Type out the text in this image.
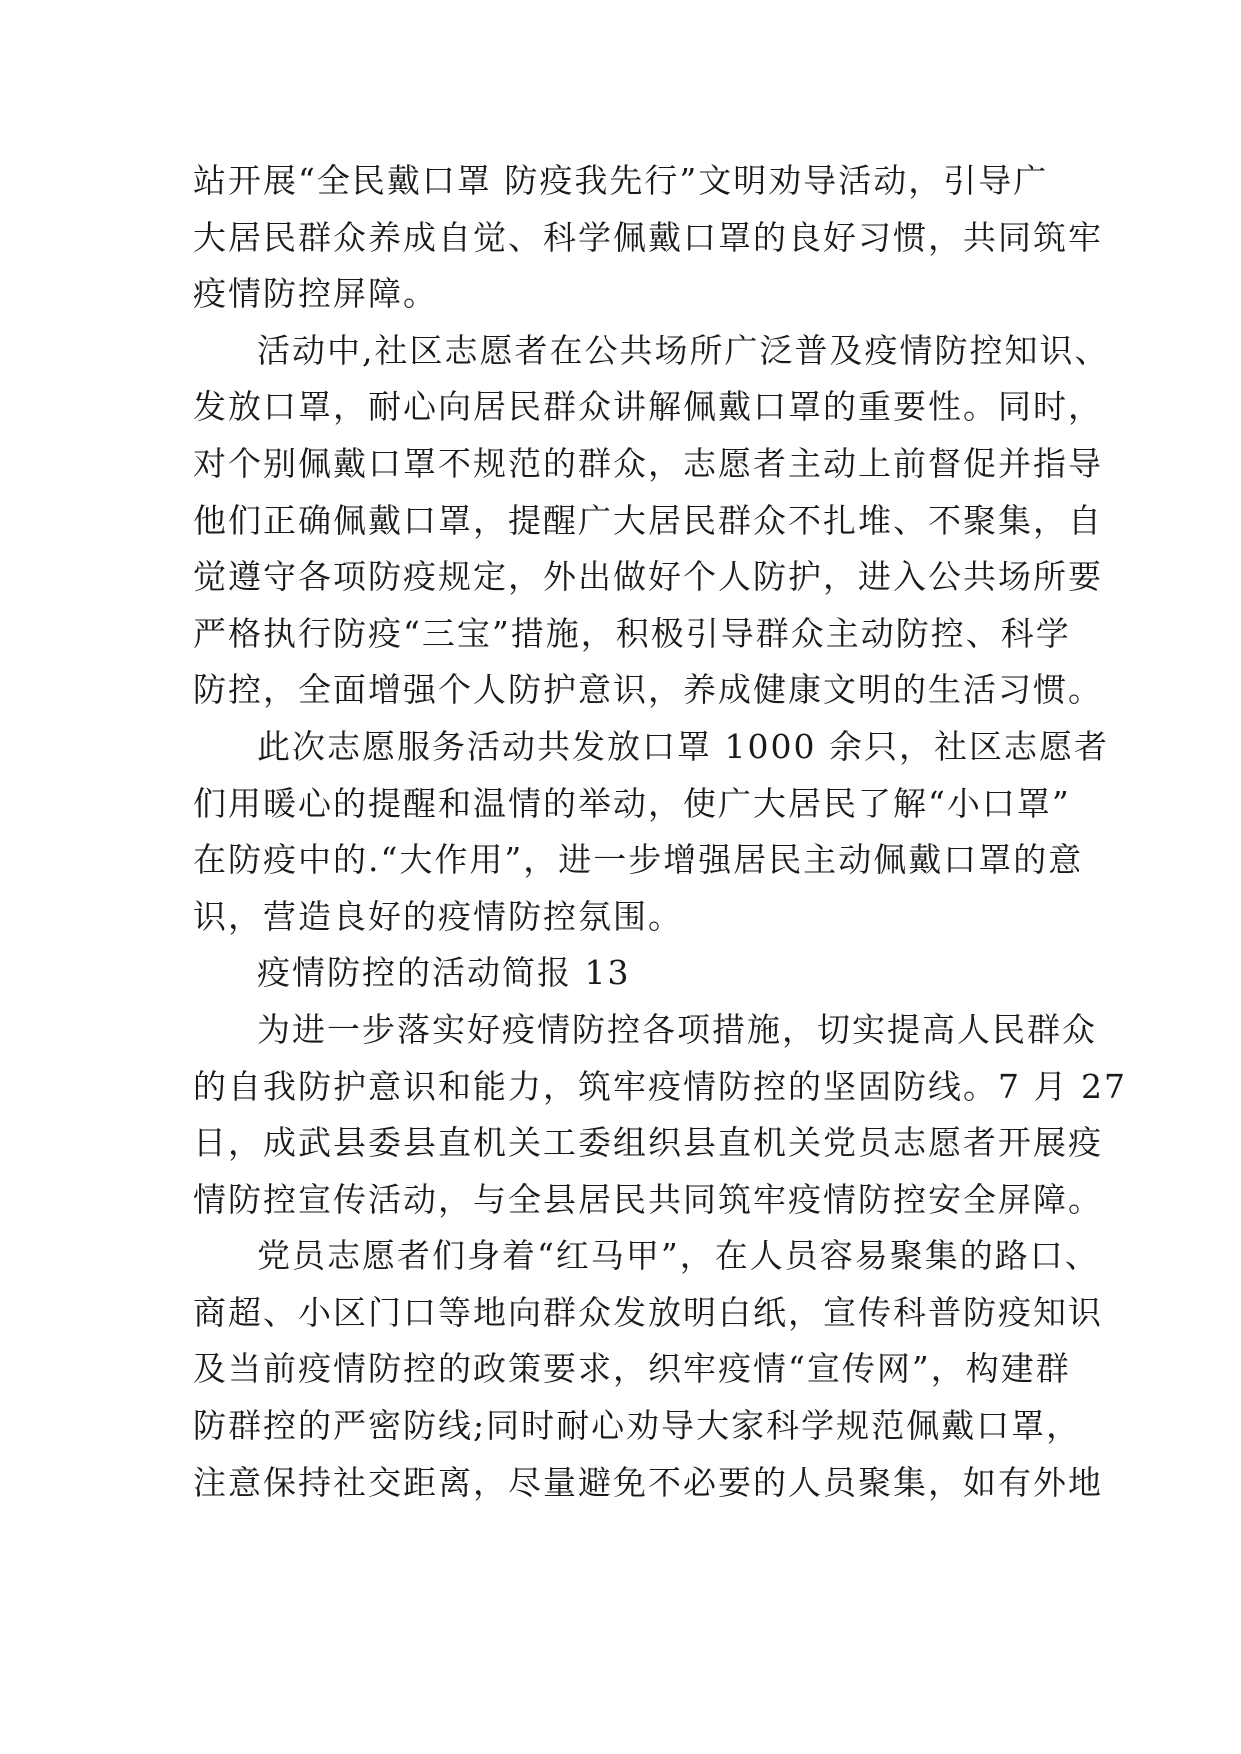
站开展“全民戴口罩 防疫我先行”文明劝导活动，引导广
大居民群众养成自觉、科学佩戴口罩的良好习惯，共同筑牢
疫情防控屏障。
活动中,社区志愿者在公共场所广泛普及疫情防控知识、
发放口罩，耐心向居民群众讲解佩戴口罩的重要性。同时，
对个别佩戴口罩不规范的群众，志愿者主动上前督促并指导
他们正确佩戴口罩，提醒广大居民群众不扎堆、不聚集，自
觉遵守各项防疫规定，外出做好个人防护，进入公共场所要
严格执行防疫“三宝”措施，积极引导群众主动防控、科学
防控，全面增强个人防护意识，养成健康文明的生活习惯。
此次志愿服务活动共发放口罩 1000 余只，社区志愿者
们用暖心的提醒和温情的举动，使广大居民了解“小口罩”
在防疫中的.“大作用”，进一步增强居民主动佩戴口罩的意
识，营造良好的疫情防控氛围。
疫情防控的活动简报 13
为进一步落实好疫情防控各项措施，切实提高人民群众
的自我防护意识和能力，筑牢疫情防控的坚固防线。7 月 27
日，成武县委县直机关工委组织县直机关党员志愿者开展疫
情防控宣传活动，与全县居民共同筑牢疫情防控安全屏障。
党员志愿者们身着“红马甲”，在人员容易聚集的路口、
商超、小区门口等地向群众发放明白纸，宣传科普防疫知识
及当前疫情防控的政策要求，织牢疫情“宣传网”，构建群
防群控的严密防线;同时耐心劝导大家科学规范佩戴口罩，
注意保持社交距离，尽量避免不必要的人员聚集，如有外地
